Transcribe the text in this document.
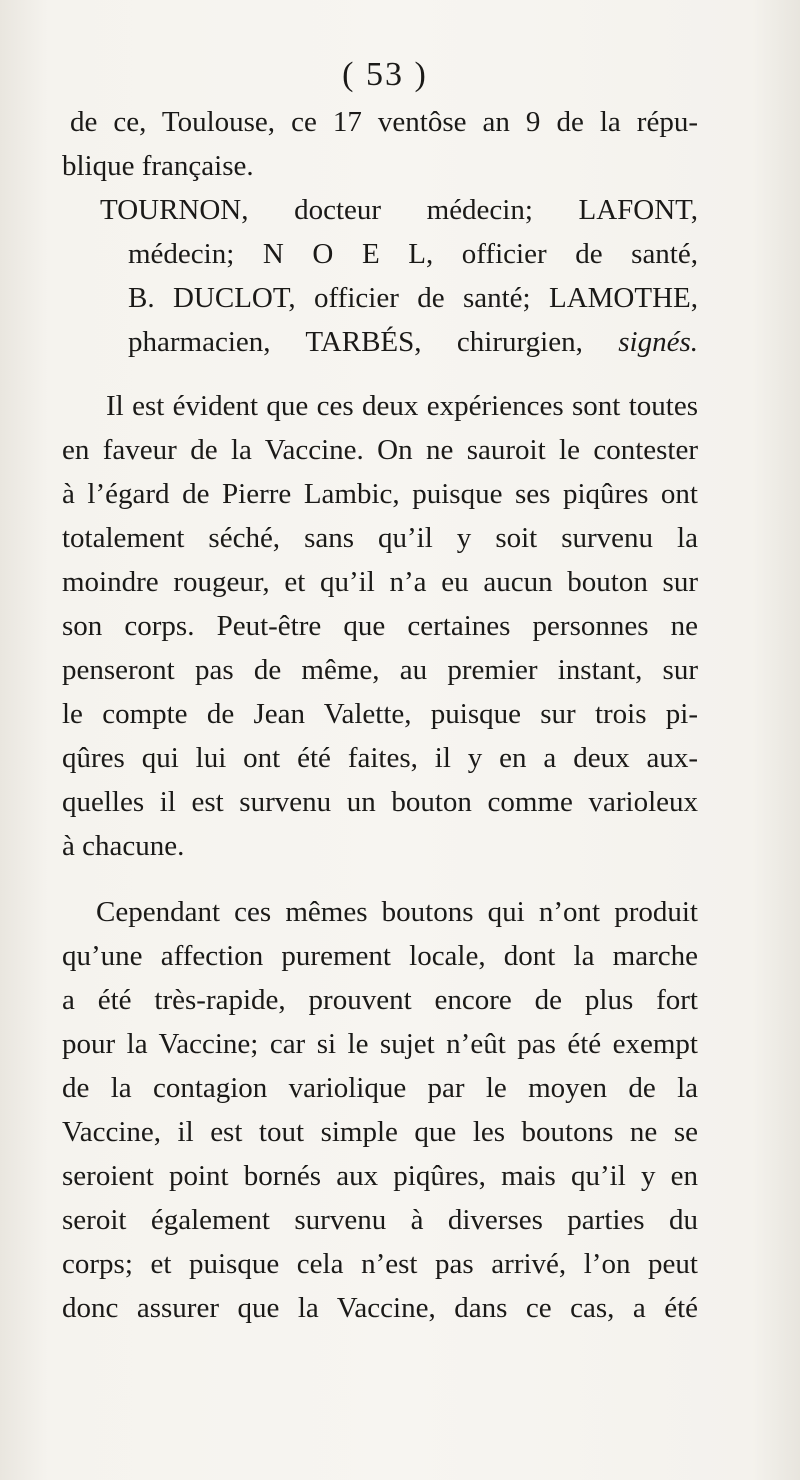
( 53 )
de ce, Toulouse, ce 17 ventôse an 9 de la répu-
blique française.
TOURNON, docteur médecin; LAFONT,
médecin; N O E L, officier de santé,
B. DUCLOT, officier de santé; LAMOTHE,
pharmacien, TARBÉS, chirurgien, signés.
Il est évident que ces deux expériences sont toutes
en faveur de la Vaccine. On ne sauroit le contester
à l’égard de Pierre Lambic, puisque ses piqûres ont
totalement séché, sans qu’il y soit survenu la
moindre rougeur, et qu’il n’a eu aucun bouton sur
son corps. Peut-être que certaines personnes ne
penseront pas de même, au premier instant, sur
le compte de Jean Valette, puisque sur trois pi-
qûres qui lui ont été faites, il y en a deux aux-
quelles il est survenu un bouton comme varioleux
à chacune.
Cependant ces mêmes boutons qui n’ont produit
qu’une affection purement locale, dont la marche
a été très-rapide, prouvent encore de plus fort
pour la Vaccine; car si le sujet n’eût pas été exempt
de la contagion variolique par le moyen de la
Vaccine, il est tout simple que les boutons ne se
seroient point bornés aux piqûres, mais qu’il y en
seroit également survenu à diverses parties du
corps; et puisque cela n’est pas arrivé, l’on peut
donc assurer que la Vaccine, dans ce cas, a été
